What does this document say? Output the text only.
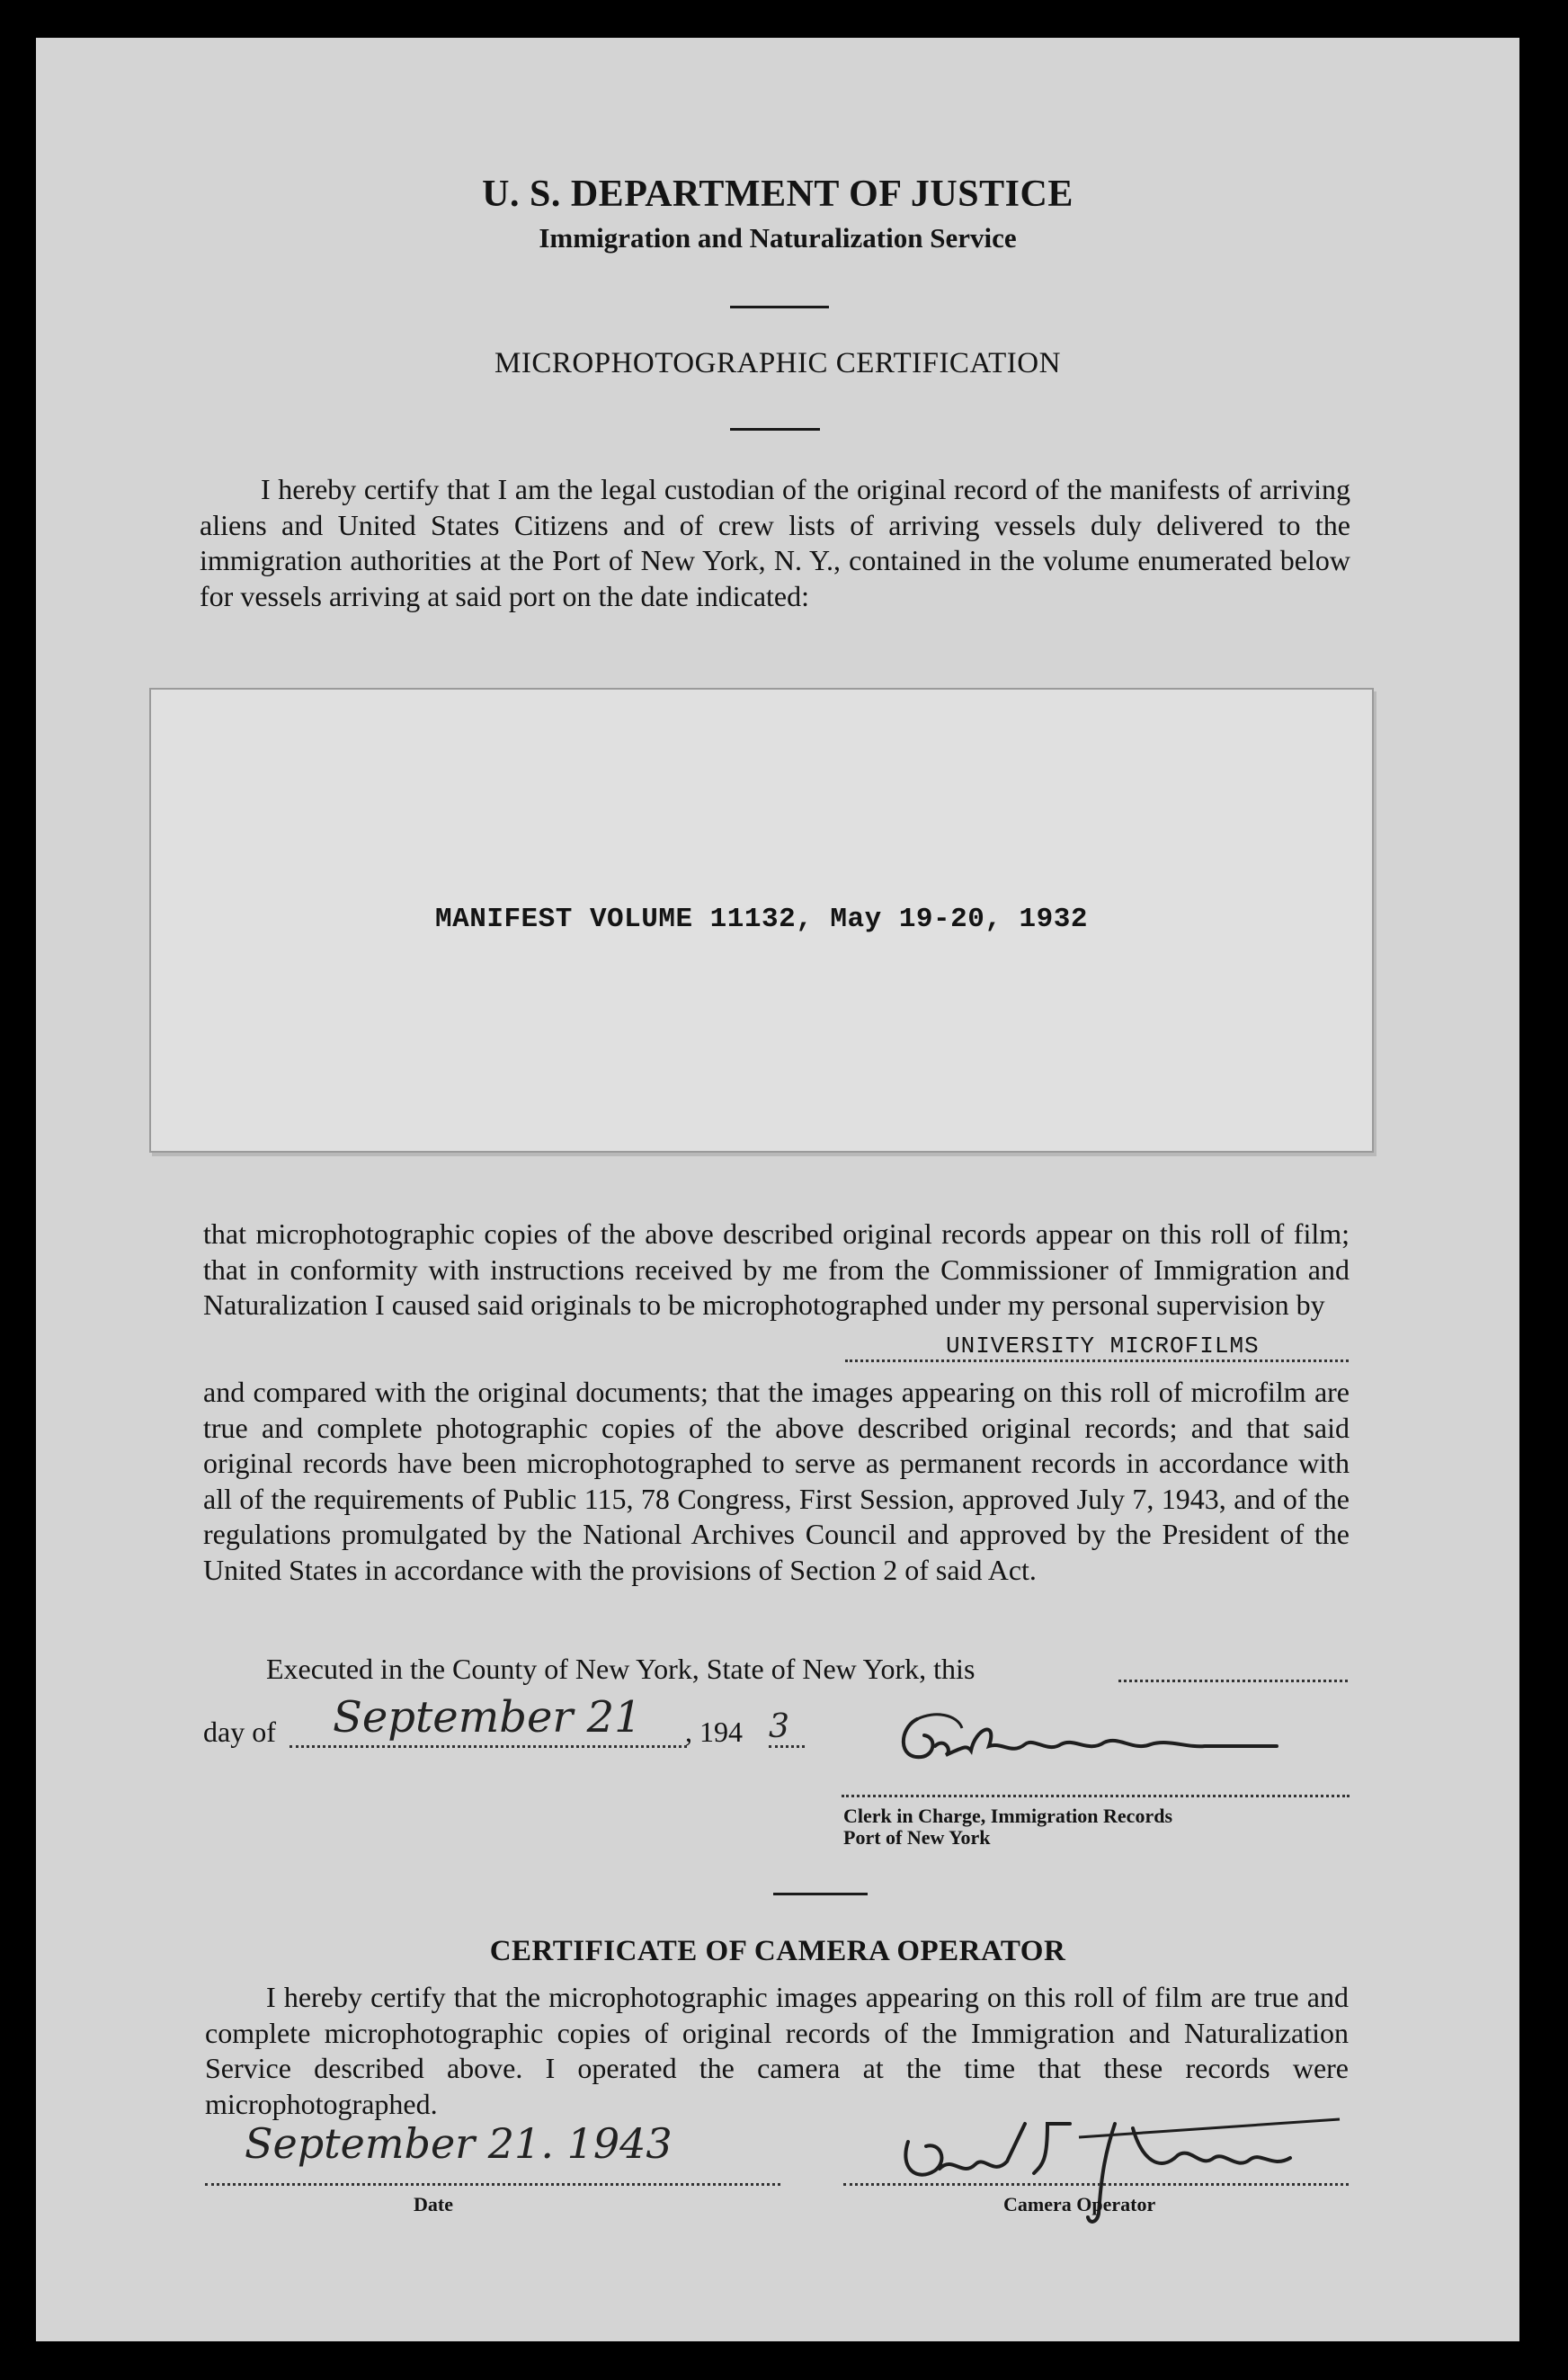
U. S. DEPARTMENT OF JUSTICE
Immigration and Naturalization Service
MICROPHOTOGRAPHIC CERTIFICATION
I hereby certify that I am the legal custodian of the original record of the manifests of arriving aliens and United States Citizens and of crew lists of arriving vessels duly delivered to the immigration authorities at the Port of New York, N. Y., contained in the volume enumerated below for vessels arriving at said port on the date indicated:
MANIFEST VOLUME 11132, May 19-20, 1932
that microphotographic copies of the above described original records appear on this roll of film; that in conformity with instructions received by me from the Commissioner of Immigration and Naturalization I caused said originals to be microphotographed under my personal supervision by
UNIVERSITY MICROFILMS
and compared with the original documents; that the images appearing on this roll of microfilm are true and complete photographic copies of the above described original records; and that said original records have been microphotographed to serve as permanent records in accordance with all of the requirements of Public 115, 78 Congress, First Session, approved July 7, 1943, and of the regulations promulgated by the National Archives Council and approved by the President of the United States in accordance with the provisions of Section 2 of said Act.
Executed in the County of New York, State of New York, this
day of September 21 , 194 3
Clerk in Charge, Immigration Records
Port of New York
CERTIFICATE OF CAMERA OPERATOR
I hereby certify that the microphotographic images appearing on this roll of film are true and complete microphotographic copies of original records of the Immigration and Naturalization Service described above. I operated the camera at the time that these records were microphotographed.
September 21. 1943
Date	Camera Operator
